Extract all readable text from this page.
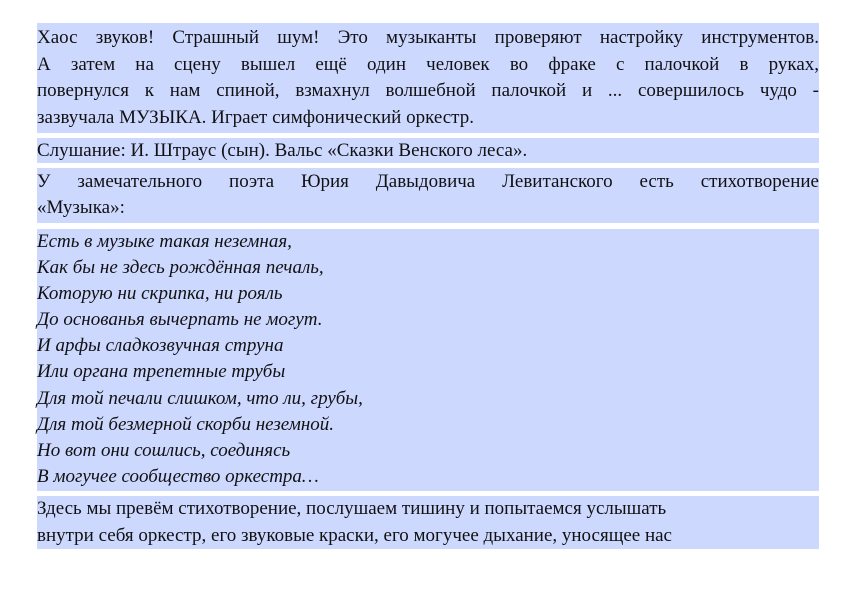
Хаос звуков! Страшный шум! Это музыканты проверяют настройку инструментов.
А затем на сцену вышел ещё один человек во фраке с палочкой в руках,
повернулся к нам спиной, взмахнул волшебной палочкой и ... совершилось чудо -
зазвучала МУЗЫКА. Играет симфонический оркестр.
Слушание: И. Штраус (сын). Вальс «Сказки Венского леса».
У замечательного поэта Юрия Давыдовича Левитанского есть стихотворение
«Музыка»:
Есть в музыке такая неземная,
Как бы не здесь рождённая печаль,
Которую ни скрипка, ни рояль
До основанья вычерпать не могут.
И арфы сладкозвучная струна
Или органа трепетные трубы
Для той печали слишком, что ли, грубы,
Для той безмерной скорби неземной.
Но вот они сошлись, соединясь
В могучее сообщество оркестра…
Здесь мы превём стихотворение, послушаем тишину и попытаемся услышать
внутри себя оркестр, его звуковые краски, его могучее дыхание, уносящее нас
